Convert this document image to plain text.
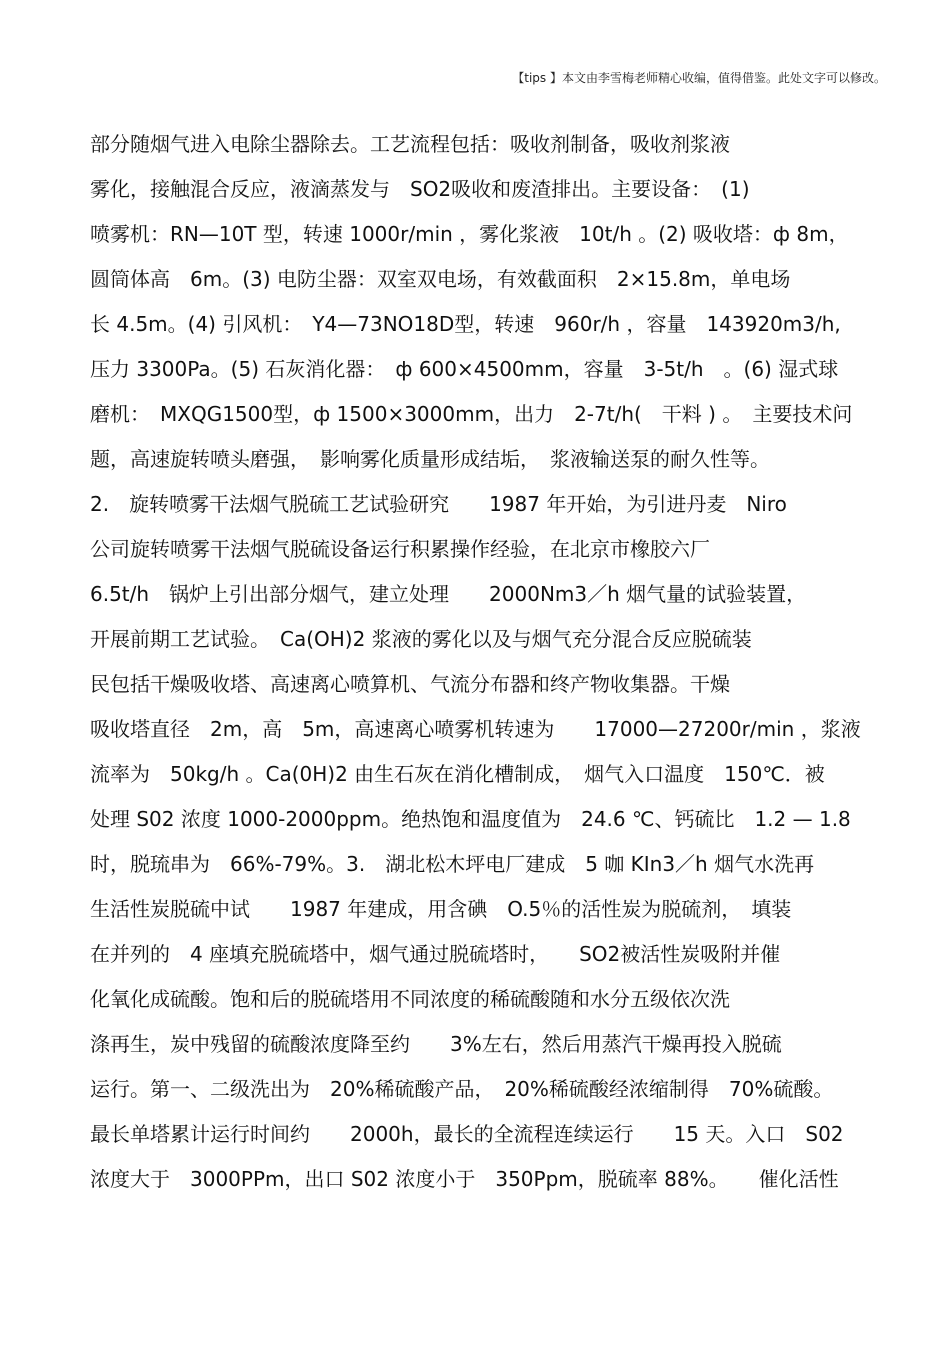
【tips 】本文由李雪梅老师精心收编，值得借鉴。此处文字可以修改。
部分随烟气进入电除尘器除去。工艺流程包括：吸收剂制备，吸收剂浆液
雾化，接触混合反应，液滴蒸发与　SO2吸收和废渣排出。主要设备：　(1)
喷雾机：RN—10T 型，转速 1000r/min ，雾化浆液　10t/h 。(2) 吸收塔：ф 8m，
圆筒体高　6m。(3) 电防尘器：双室双电场，有效截面积　2×15.8m，单电场
长 4.5m。(4) 引风机：　Y4—73NO18D型，转速　960r/h ，容量　143920m3/h,
压力 3300Pa。(5) 石灰消化器：　ф 600×4500mm，容量　3-5t/h　。(6) 湿式球
磨机：　MXQG1500型，ф 1500×3000mm，出力　2-7t/h(　干料 ) 。　主要技术问
题，高速旋转喷头磨强，　影响雾化质量形成结垢，　浆液输送泵的耐久性等。
2.　旋转喷雾干法烟气脱硫工艺试验研究　　1987 年开始，为引进丹麦　Niro
公司旋转喷雾干法烟气脱硫设备运行积累操作经验，在北京市橡胶六厂
6.5t/h　锅炉上引出部分烟气，建立处理　　2000Nm3／h 烟气量的试验装置，
开展前期工艺试验。　Ca(OH)2 浆液的雾化以及与烟气充分混合反应脱硫装
民包括干燥吸收塔、高速离心喷算机、气流分布器和终产物收集器。干燥
吸收塔直径　2m，高　5m，高速离心喷雾机转速为　　17000—27200r/min ，浆液
流率为　50kg/h 。Ca(0H)2 由生石灰在消化槽制成，　烟气入口温度　150℃．被
处理 S02 浓度 1000-2000ppm。绝热饱和温度值为　24.6 ℃、钙硫比　1.2 — 1.8
时，脱琉串为　66%-79%。3.　湖北松木坪电厂建成　5 咖 KIn3／h 烟气水洗再
生活性炭脱硫中试　　1987 年建成，用含碘　O.5％的活性炭为脱硫剂，　填装
在并列的　4 座填充脱硫塔中，烟气通过脱硫塔时，　　SO2被活性炭吸附并催
化氧化成硫酸。饱和后的脱硫塔用不同浓度的稀硫酸随和水分五级依次洗
涤再生，炭中残留的硫酸浓度降至约　　3%左右，然后用蒸汽干燥再投入脱硫
运行。第一、二级洗出为　20%稀硫酸产品，　20%稀硫酸经浓缩制得　70%硫酸。
最长单塔累计运行时间约　　2000h，最长的全流程连续运行　　15 天。入口　S02
浓度大于　3000PPm，出口 S02 浓度小于　350Ppm，脱硫率 88%。　　催化活性
